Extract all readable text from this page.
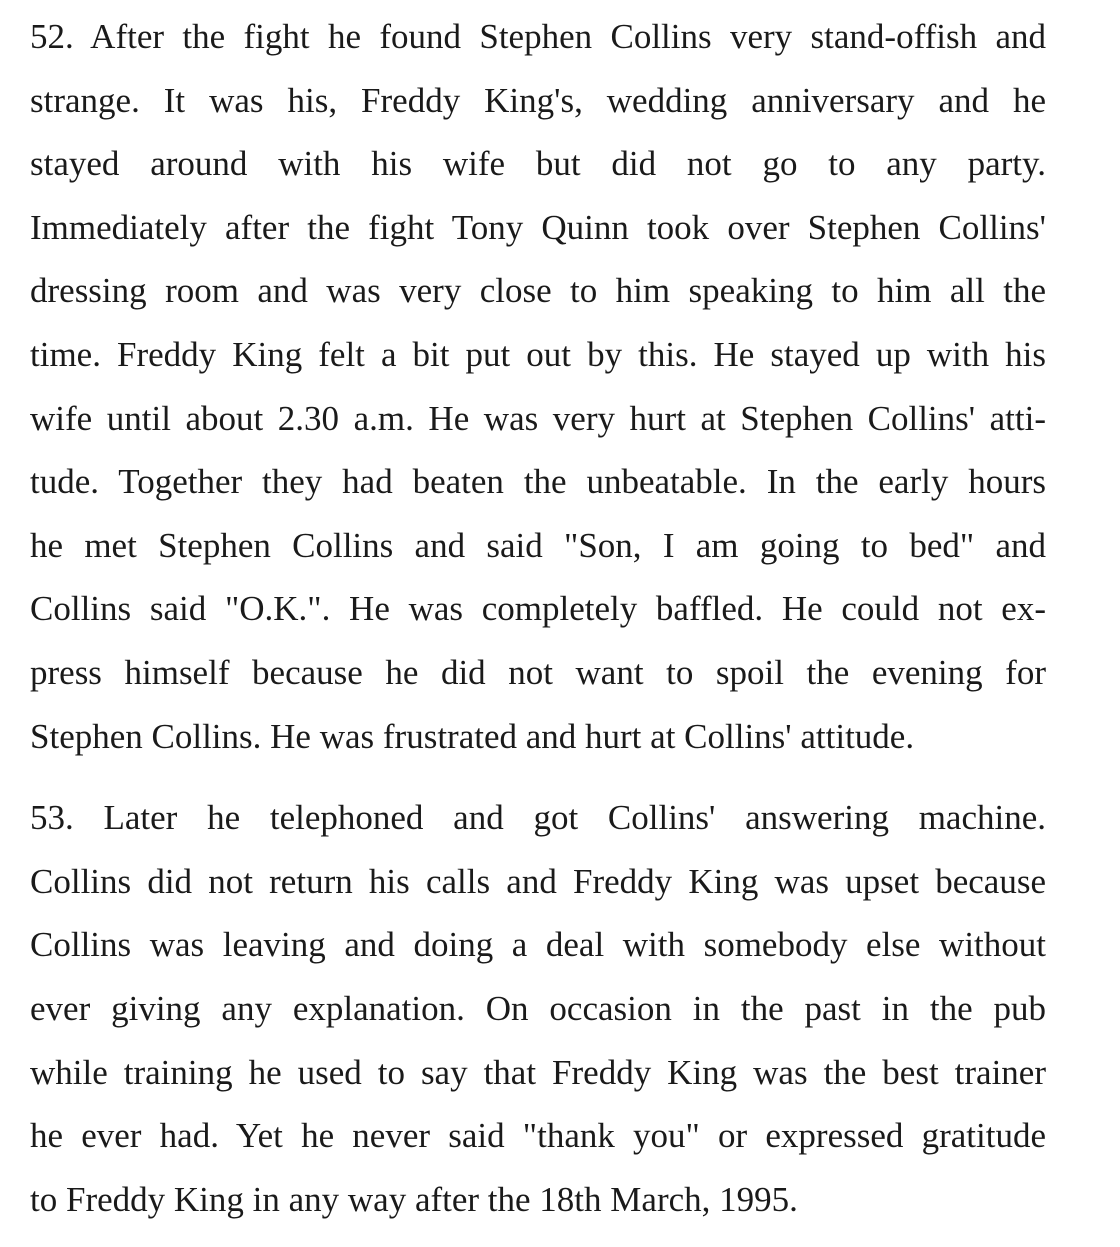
52. After the fight he found Stephen Collins very stand-offish and
strange. It was his, Freddy King's, wedding anniversary and he
stayed around with his wife but did not go to any party.
Immediately after the fight Tony Quinn took over Stephen Collins'
dressing room and was very close to him speaking to him all the
time. Freddy King felt a bit put out by this. He stayed up with his
wife until about 2.30 a.m. He was very hurt at Stephen Collins' atti-
tude. Together they had beaten the unbeatable. In the early hours
he met Stephen Collins and said "Son, I am going to bed" and
Collins said "O.K.". He was completely baffled. He could not ex-
press himself because he did not want to spoil the evening for
Stephen Collins. He was frustrated and hurt at Collins' attitude.
53. Later he telephoned and got Collins' answering machine.
Collins did not return his calls and Freddy King was upset because
Collins was leaving and doing a deal with somebody else without
ever giving any explanation. On occasion in the past in the pub
while training he used to say that Freddy King was the best trainer
he ever had. Yet he never said "thank you" or expressed gratitude
to Freddy King in any way after the 18th March, 1995.
